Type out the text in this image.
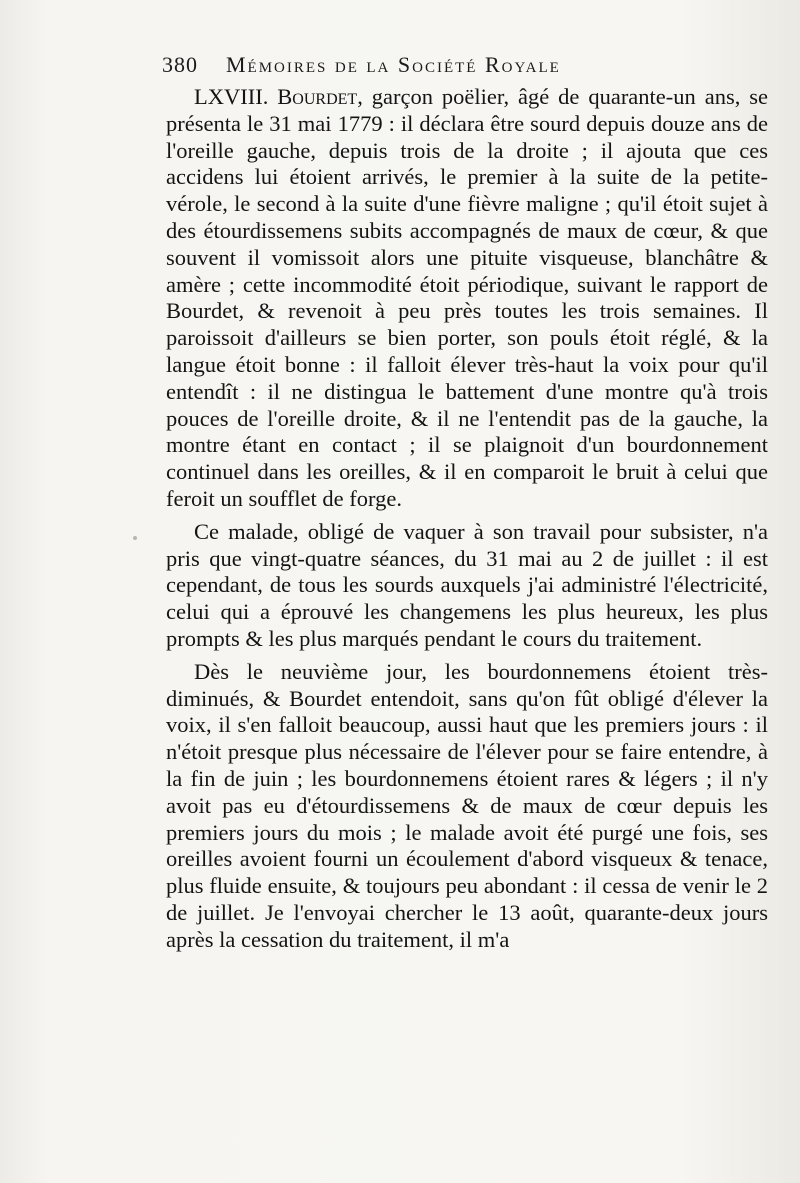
380 Mémoires de la Société Royale

LXVIII. Bourdet, garçon poëlier, âgé de quarante-un ans, se présenta le 31 mai 1779 : il déclara être sourd depuis douze ans de l'oreille gauche, depuis trois de la droite ; il ajouta que ces accidens lui étoient arrivés, le premier à la suite de la petite-vérole, le second à la suite d'une fièvre maligne ; qu'il étoit sujet à des étourdissemens subits accompagnés de maux de cœur, & que souvent il vomissoit alors une pituite visqueuse, blanchâtre & amère ; cette incommodité étoit périodique, suivant le rapport de Bourdet, & revenoit à peu près toutes les trois semaines. Il paroissoit d'ailleurs se bien porter, son pouls étoit réglé, & la langue étoit bonne : il falloit élever très-haut la voix pour qu'il entendît : il ne distingua le battement d'une montre qu'à trois pouces de l'oreille droite, & il ne l'entendit pas de la gauche, la montre étant en contact ; il se plaignoit d'un bourdonnement continuel dans les oreilles, & il en comparoit le bruit à celui que feroit un soufflet de forge.

Ce malade, obligé de vaquer à son travail pour subsister, n'a pris que vingt-quatre séances, du 31 mai au 2 de juillet : il est cependant, de tous les sourds auxquels j'ai administré l'électricité, celui qui a éprouvé les changemens les plus heureux, les plus prompts & les plus marqués pendant le cours du traitement.

Dès le neuvième jour, les bourdonnemens étoient très-diminués, & Bourdet entendoit, sans qu'on fût obligé d'élever la voix, il s'en falloit beaucoup, aussi haut que les premiers jours : il n'étoit presque plus nécessaire de l'élever pour se faire entendre, à la fin de juin ; les bourdonnemens étoient rares & légers ; il n'y avoit pas eu d'étourdissemens & de maux de cœur depuis les premiers jours du mois ; le malade avoit été purgé une fois, ses oreilles avoient fourni un écoulement d'abord visqueux & tenace, plus fluide ensuite, & toujours peu abondant : il cessa de venir le 2 de juillet. Je l'envoyai chercher le 13 août, quarante-deux jours après la cessation du traitement, il m'a
